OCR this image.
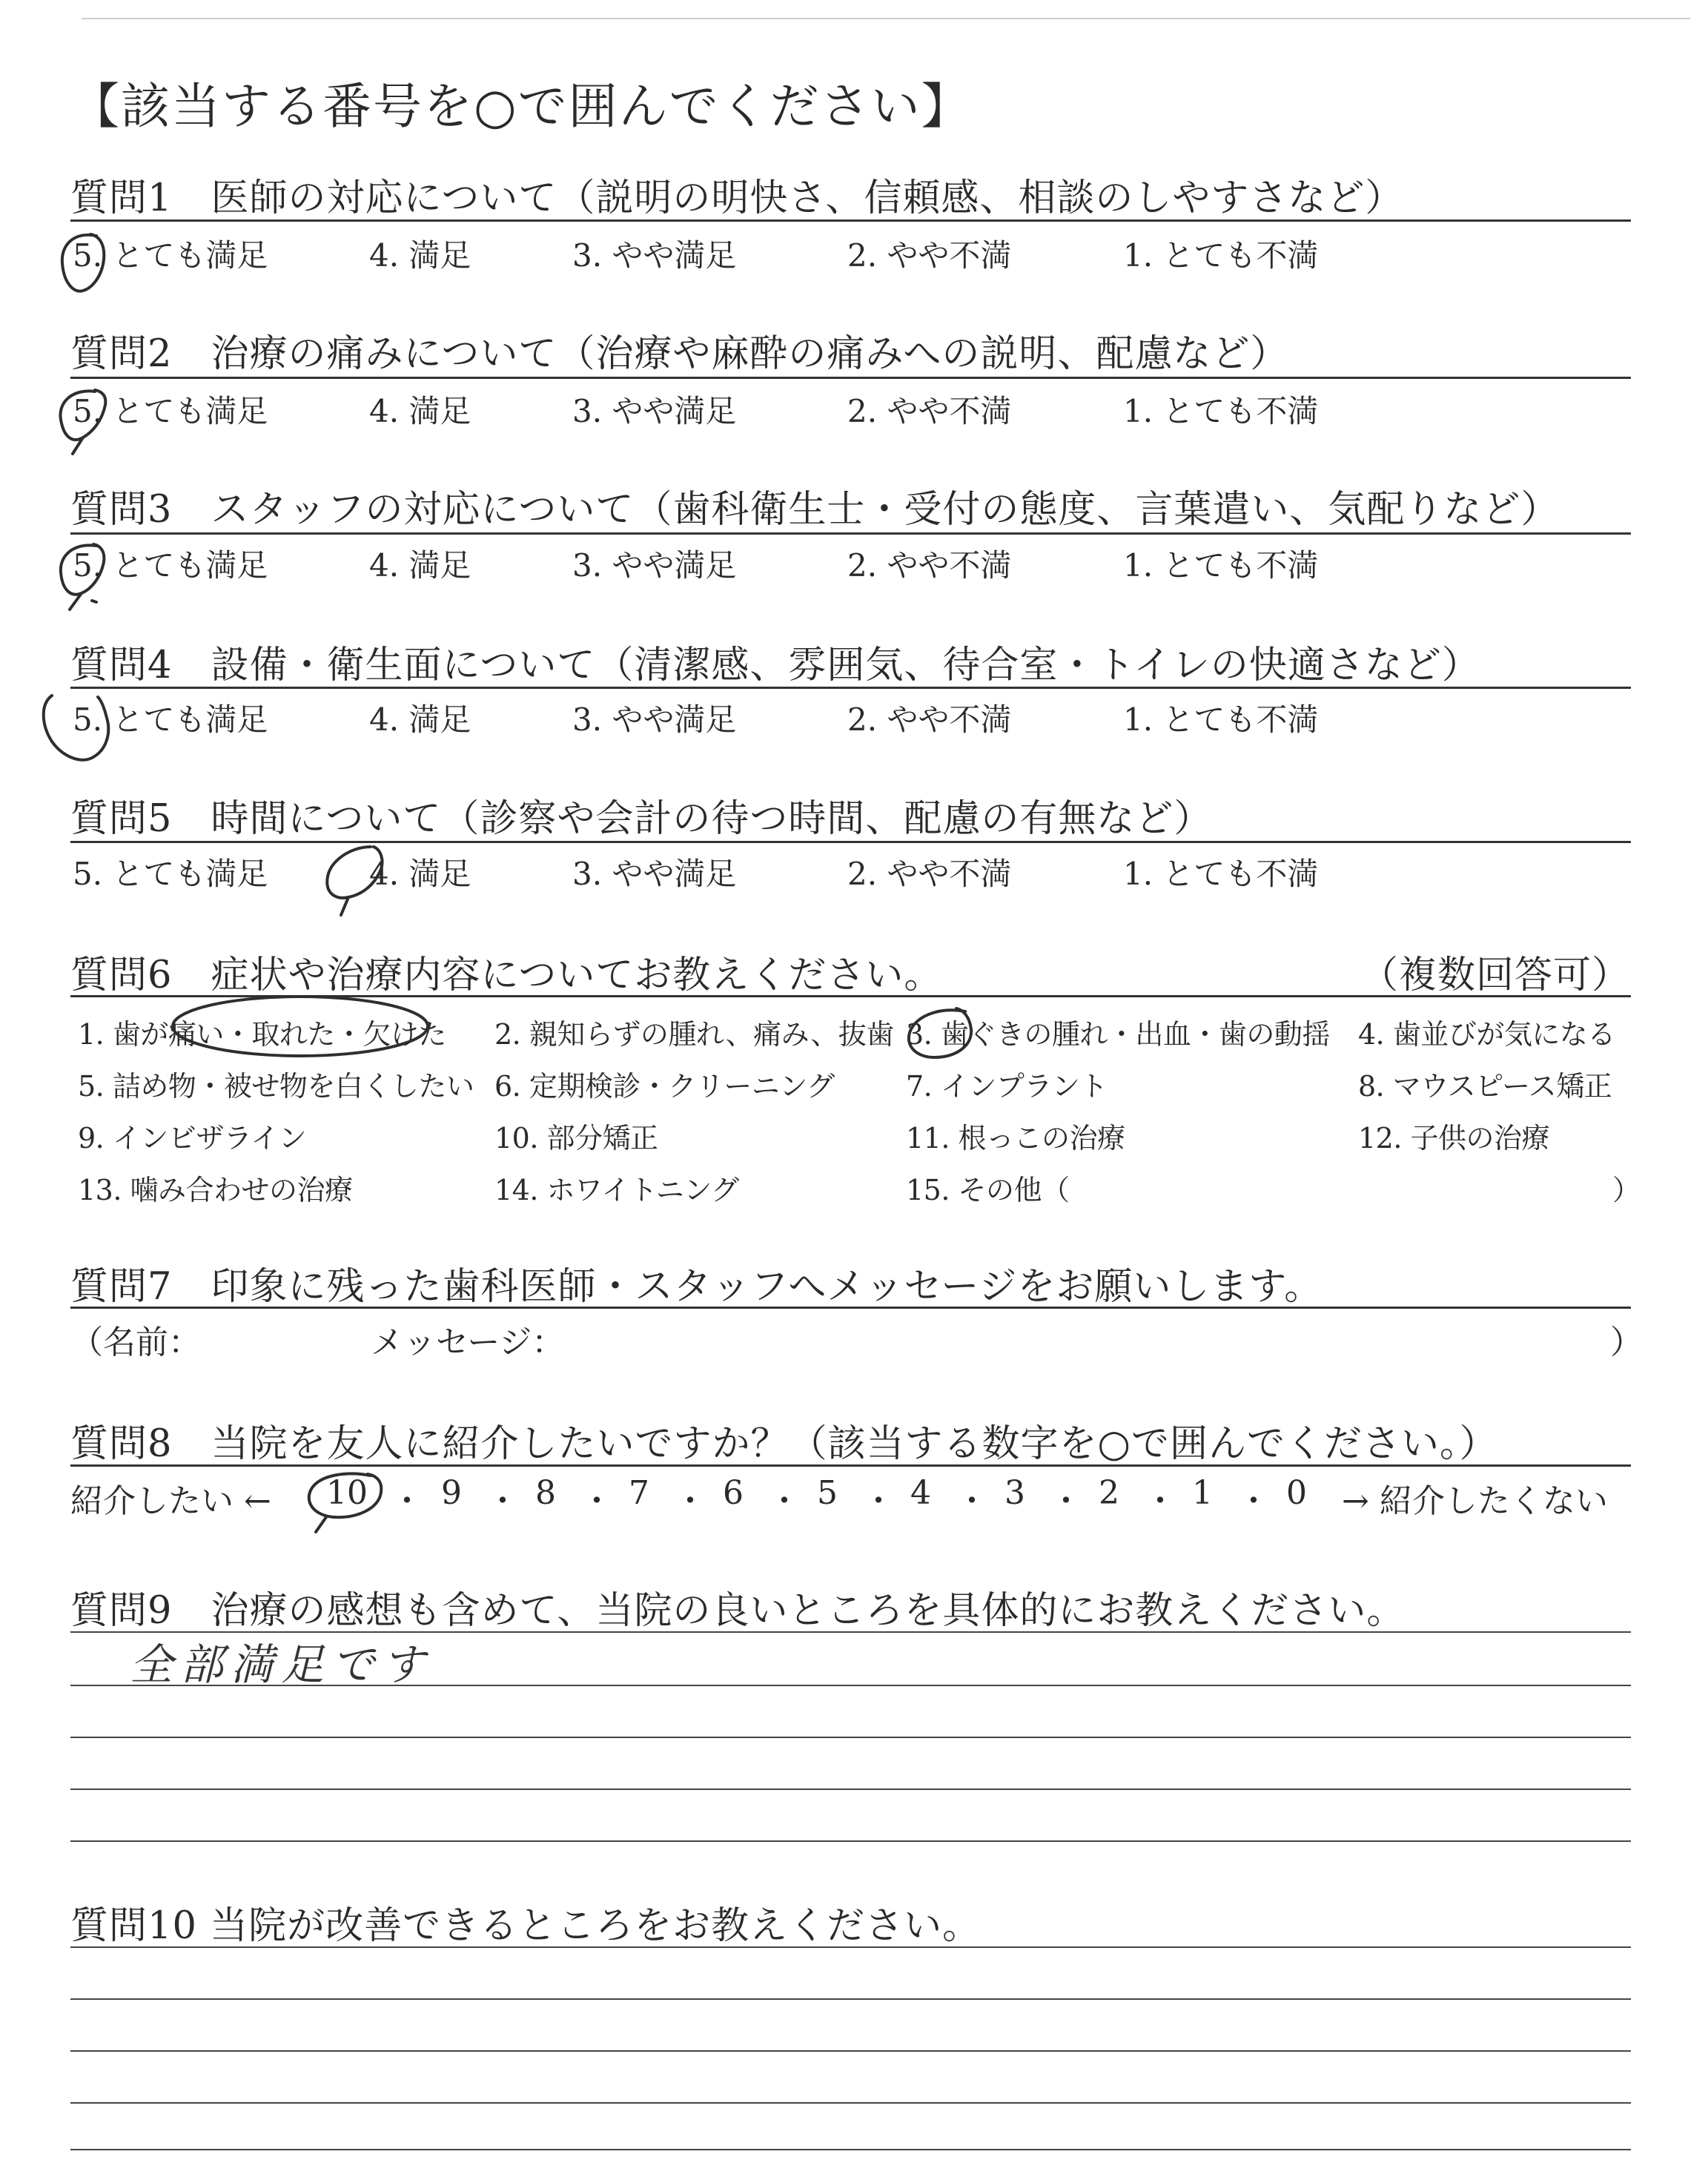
【該当する番号を○で囲んでください】
質問1　医師の対応について（説明の明快さ、信頼感、相談のしやすさなど）
5. とても満足	4. 満足	3. やや満足	2. やや不満	1. とても不満
質問2　治療の痛みについて（治療や麻酔の痛みへの説明、配慮など）
5. とても満足	4. 満足	3. やや満足	2. やや不満	1. とても不満
質問3　スタッフの対応について（歯科衛生士・受付の態度、言葉遣い、気配りなど）
5. とても満足	4. 満足	3. やや満足	2. やや不満	1. とても不満
質問4　設備・衛生面について（清潔感、雰囲気、待合室・トイレの快適さなど）
5. とても満足	4. 満足	3. やや満足	2. やや不満	1. とても不満
質問5　時間について（診察や会計の待つ時間、配慮の有無など）
5. とても満足	4. 満足	3. やや満足	2. やや不満	1. とても不満
質問6　症状や治療内容についてお教えください。	（複数回答可）
1. 歯が痛い・取れた・欠けた 2. 親知らずの腫れ、痛み、抜歯 3. 歯ぐきの腫れ・出血・歯の動揺 4. 歯並びが気になる
5. 詰め物・被せ物を白くしたい 6. 定期検診・クリーニング	7. インプラント	8. マウスピース矯正
9. インビザライン	10. 部分矯正	11. 根っこの治療	12. 子供の治療
13. 噛み合わせの治療	14. ホワイトニング	15. その他（	）
質問7　印象に残った歯科医師・スタッフへメッセージをお願いします。
（名前：	メッセージ：	）
質問8　当院を友人に紹介したいですか？（該当する数字を○で囲んでください。）
紹介したい ← 10 ・ 9 ・ 8 ・ 7 ・ 6 ・ 5 ・ 4 ・ 3 ・ 2 ・ 1 ・ 0 → 紹介したくない
質問9　治療の感想も含めて、当院の良いところを具体的にお教えください。
全部満足です
質問10 当院が改善できるところをお教えください。
